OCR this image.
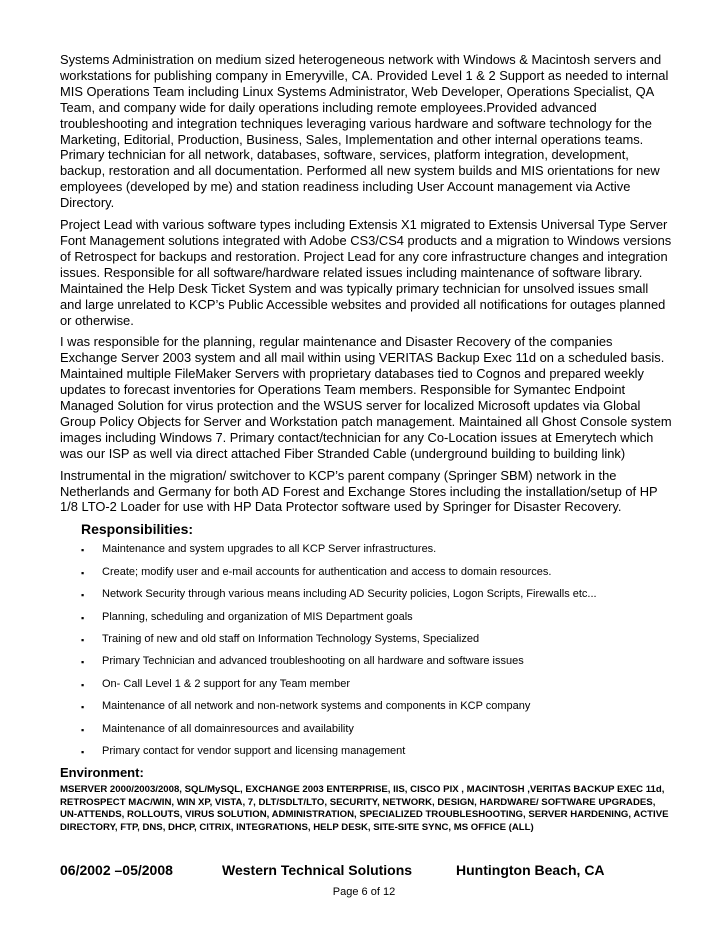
Systems Administration on medium sized heterogeneous network with Windows & Macintosh servers and workstations for publishing company in Emeryville, CA. Provided Level 1 & 2 Support as needed to internal MIS Operations Team including Linux Systems Administrator, Web Developer, Operations Specialist, QA Team, and company wide for daily operations including remote employees.Provided advanced troubleshooting and integration techniques leveraging various hardware and software technology for the Marketing, Editorial, Production, Business, Sales, Implementation and other internal operations teams. Primary technician for all network, databases, software, services, platform integration, development, backup, restoration and all documentation. Performed all new system builds and MIS orientations for new employees (developed by me) and station readiness including User Account management via Active Directory.

Project Lead with various software types including Extensis X1 migrated to Extensis Universal Type Server Font Management solutions integrated with Adobe CS3/CS4 products and a migration to Windows versions of Retrospect for backups and restoration. Project Lead for any core infrastructure changes and integration issues. Responsible for all software/hardware related issues including maintenance of software library. Maintained the Help Desk Ticket System and was typically primary technician for unsolved issues small and large unrelated to KCP’s Public Accessible websites and provided all notifications for outages planned or otherwise.

I was responsible for the planning, regular maintenance and Disaster Recovery of the companies Exchange Server 2003 system and all mail within using VERITAS Backup Exec 11d on a scheduled basis. Maintained multiple FileMaker Servers with proprietary databases tied to Cognos and prepared weekly updates to forecast inventories for Operations Team members. Responsible for Symantec Endpoint Managed Solution for virus protection and the WSUS server for localized Microsoft updates via Global Group Policy Objects for Server and Workstation patch management. Maintained all Ghost Console system images including Windows 7. Primary contact/technician for any Co-Location issues at Emerytech which was our ISP as well via direct attached Fiber Stranded Cable (underground building to building link)

Instrumental in the migration/ switchover to KCP’s parent company (Springer SBM) network in the Netherlands and Germany for both AD Forest and Exchange Stores including the installation/setup of HP 1/8 LTO-2 Loader for use with HP Data Protector software used by Springer for Disaster Recovery.

Responsibilities:
▪ Maintenance and system upgrades to all KCP Server infrastructures.
▪ Create; modify user and e-mail accounts for authentication and access to domain resources.
▪ Network Security through various means including AD Security policies, Logon Scripts, Firewalls etc...
▪ Planning, scheduling and organization of MIS Department goals
▪ Training of new and old staff on Information Technology Systems, Specialized
▪ Primary Technician and advanced troubleshooting on all hardware and software issues
▪ On- Call Level 1 & 2 support for any Team member
▪ Maintenance of all network and non-network systems and components in KCP company
▪ Maintenance of all domainresources and availability
▪ Primary contact for vendor support and licensing management
Environment:
MSERVER 2000/2003/2008, SQL/MySQL, EXCHANGE 2003 ENTERPRISE, IIS, CISCO PIX , MACINTOSH ,VERITAS BACKUP EXEC 11d, RETROSPECT MAC/WIN, WIN XP, VISTA, 7, DLT/SDLT/LTO, SECURITY, NETWORK, DESIGN, HARDWARE/ SOFTWARE UPGRADES, UN-ATTENDS, ROLLOUTS, VIRUS SOLUTION, ADMINISTRATION, SPECIALIZED TROUBLESHOOTING, SERVER HARDENING, ACTIVE DIRECTORY, FTP, DNS, DHCP, CITRIX, INTEGRATIONS, HELP DESK, SITE-SITE SYNC, MS OFFICE (ALL)
06/2002 –05/2008	Western Technical Solutions	Huntington Beach, CA
Page 6 of 12
